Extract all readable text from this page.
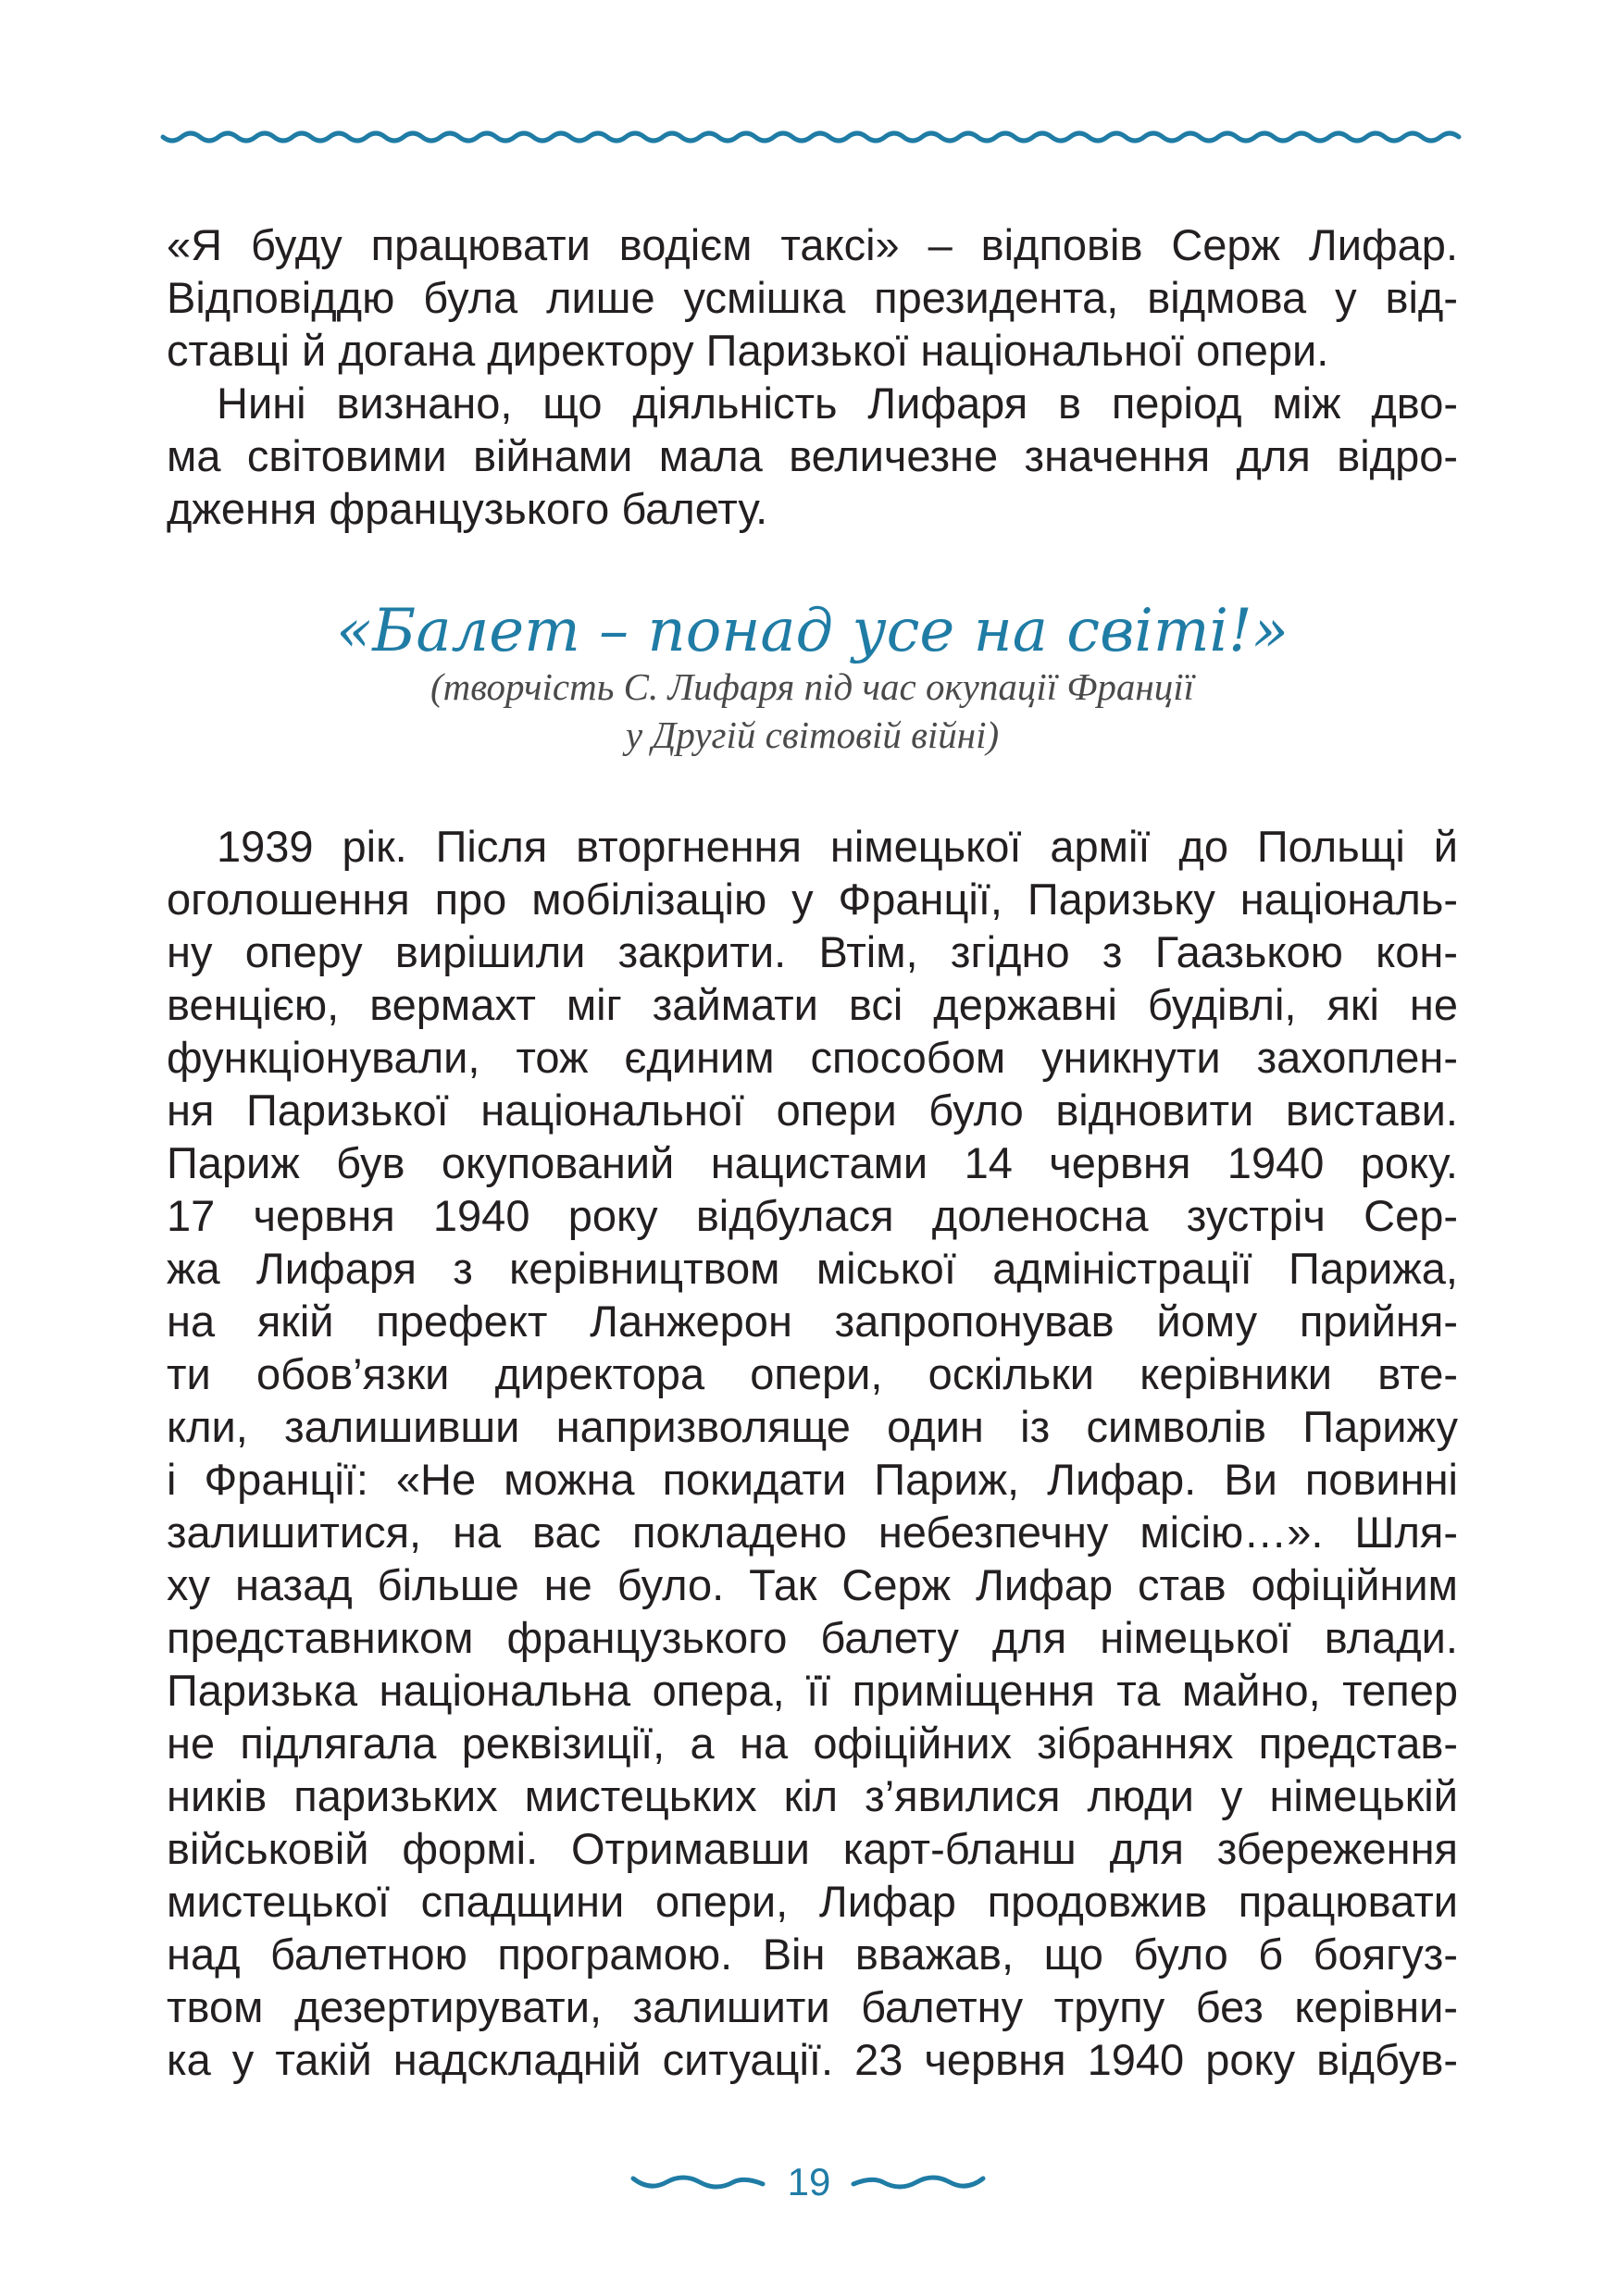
«Я буду працювати водієм таксі» – відповів Серж Лифар.
Відповіддю була лише усмішка президента, відмова у від-
ставці й догана директору Паризької національної опери.
Нині визнано, що діяльність Лифаря в період між дво-
ма світовими війнами мала величезне значення для відро-
дження французького балету.
«Балет – понад усе на світі!»
(творчість С. Лифаря під час окупації Франції
у Другій світовій війні)
1939 рік. Після вторгнення німецької армії до Польщі й
оголошення про мобілізацію у Франції, Паризьку національ-
ну оперу вирішили закрити. Втім, згідно з Гаазькою кон-
венцією, вермахт міг займати всі державні будівлі, які не
функціонували, тож єдиним способом уникнути захоплен-
ня Паризької національної опери було відновити вистави.
Париж був окупований нацистами 14 червня 1940 року.
17 червня 1940 року відбулася доленосна зустріч Сер-
жа Лифаря з керівництвом міської адміністрації Парижа,
на якій префект Ланжерон запропонував йому прийня-
ти обов’язки директора опери, оскільки керівники вте-
кли, залишивши напризволяще один із символів Парижу
і Франції: «Не можна покидати Париж, Лифар. Ви повинні
залишитися, на вас покладено небезпечну місію…». Шля-
ху назад більше не було. Так Серж Лифар став офіційним
представником французького балету для німецької влади.
Паризька національна опера, її приміщення та майно, тепер
не підлягала реквізиції, а на офіційних зібраннях представ-
ників паризьких мистецьких кіл з’явилися люди у німецькій
військовій формі. Отримавши карт-бланш для збереження
мистецької спадщини опери, Лифар продовжив працювати
над балетною програмою. Він вважав, що було б боягуз-
твом дезертирувати, залишити балетну трупу без керівни-
ка у такій надскладній ситуації. 23 червня 1940 року відбув-
19
